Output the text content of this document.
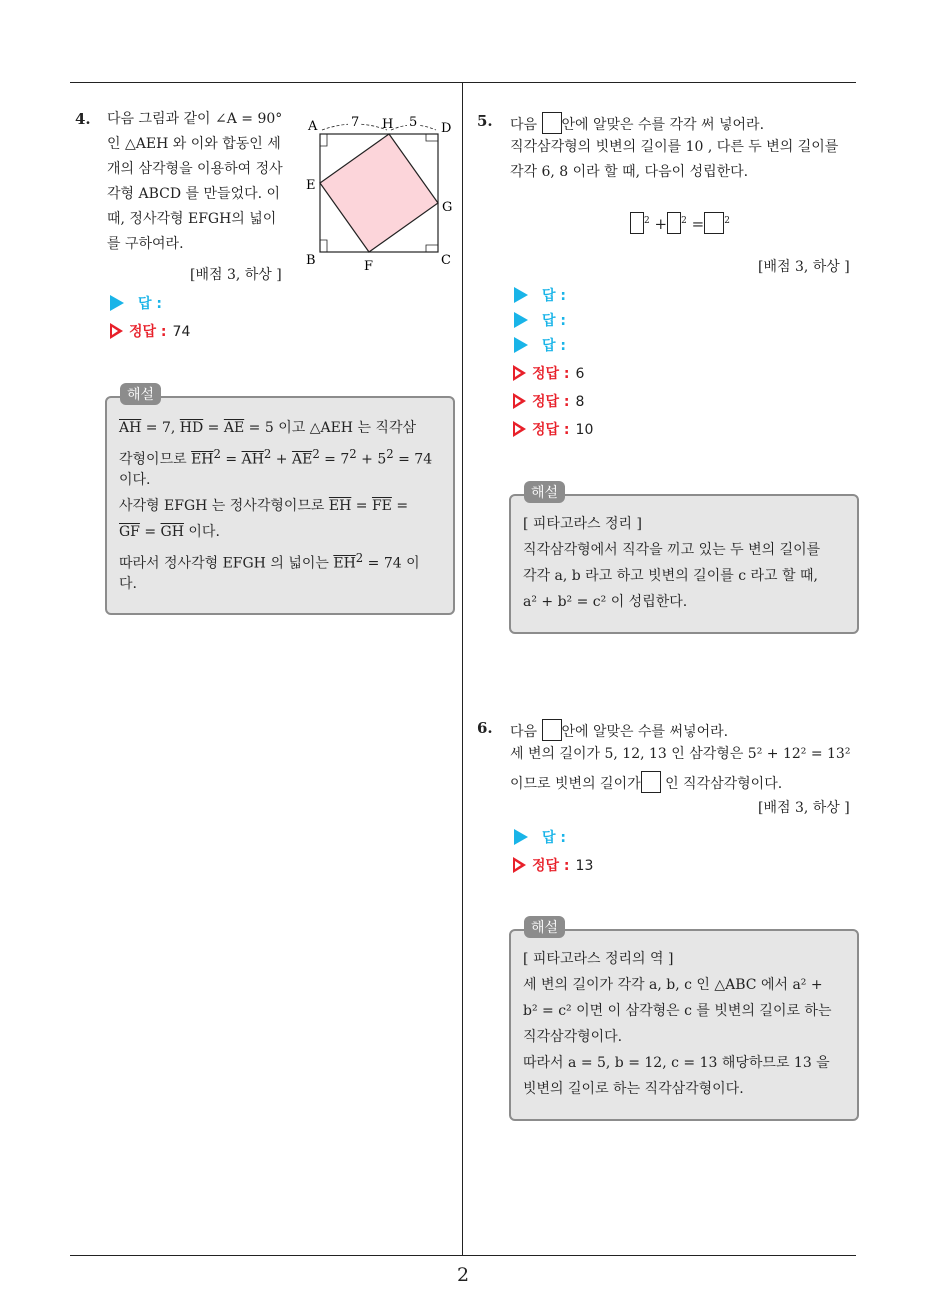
2
4. 다음 그림과 같이 ∠A = 90°
인 △AEH 와 이와 합동인 세
개의 삼각형을 이용하여 정사
각형 ABCD 를 만들었다. 이
때, 정사각형 EFGH의 넓이
를 구하여라.
[배점 3, 하상 ]
7	5
A	H	D
E
G
B	F	C
답 :
정답 : 74
$\overline{AH} = 7$, $\overline{HD} = \overline{AE} = 5$ 이고 △AEH 는 직각삼
각형이므로 $\overline{EH}^2 = \overline{AH}^2 + \overline{AE}^2 = 7^2 + 5^2 = 74$
이다.
사각형 EFGH 는 정사각형이므로 $\overline{EH} = \overline{FE}$ =
$\overline{GF} = \overline{GH}$ 이다.
따라서 정사각형 EFGH 의 넓이는 $\overline{EH}^2 = 74$ 이
다.
해설
5. 다음 안에 알맞은 수를 각각 써 넣어라.
직각삼각형의 빗변의 길이를 10 , 다른 두 변의 길이를
각각 6, 8 이라 할 때, 다음이 성립한다.
$^2$ + $^2$ = $^2$
[배점 3, 하상 ]
답 :
답 :
답 :
정답 : 6
정답 : 8
정답 : 10
[ 피타고라스 정리 ]
직각삼각형에서 직각을 끼고 있는 두 변의 길이를
각각 a, b 라고 하고 빗변의 길이를 c 라고 할 때,
a² + b² = c² 이 성립한다.
해설
6. 다음 안에 알맞은 수를 써넣어라.
세 변의 길이가 5, 12, 13 인 삼각형은 5² + 12² = 13²
이므로 빗변의 길이가 인 직각삼각형이다.
[배점 3, 하상 ]
답 :
정답 : 13
[ 피타고라스 정리의 역 ]
세 변의 길이가 각각 a, b, c 인 △ABC 에서 a² +
b² = c² 이면 이 삼각형은 c 를 빗변의 길이로 하는
직각삼각형이다.
따라서 a = 5, b = 12, c = 13 해당하므로 13 을
빗변의 길이로 하는 직각삼각형이다.
해설
